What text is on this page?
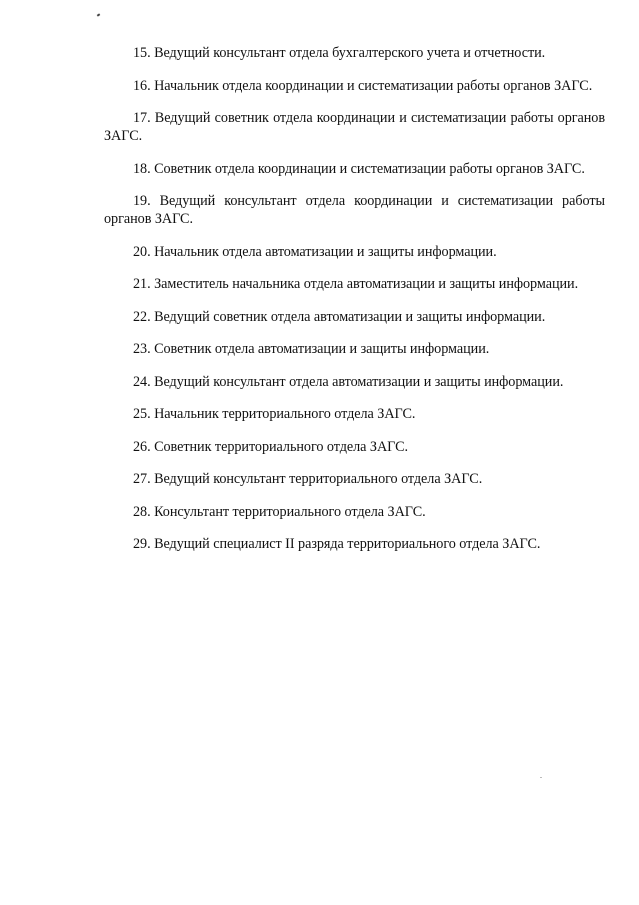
15. Ведущий консультант отдела бухгалтерского учета и отчетности.

16. Начальник отдела координации и систематизации работы органов ЗАГС.

17. Ведущий советник отдела координации и систематизации работы органов ЗАГС.

18. Советник отдела координации и систематизации работы органов ЗАГС.

19. Ведущий консультант отдела координации и систематизации работы органов ЗАГС.

20. Начальник отдела автоматизации и защиты информации.

21. Заместитель начальника отдела автоматизации и защиты информации.

22. Ведущий советник отдела автоматизации и защиты информации.

23. Советник отдела автоматизации и защиты информации.

24. Ведущий консультант отдела автоматизации и защиты информации.

25. Начальник территориального отдела ЗАГС.

26. Советник территориального отдела ЗАГС.

27. Ведущий консультант территориального отдела ЗАГС.

28. Консультант территориального отдела ЗАГС.

29. Ведущий специалист II разряда территориального отдела ЗАГС.
